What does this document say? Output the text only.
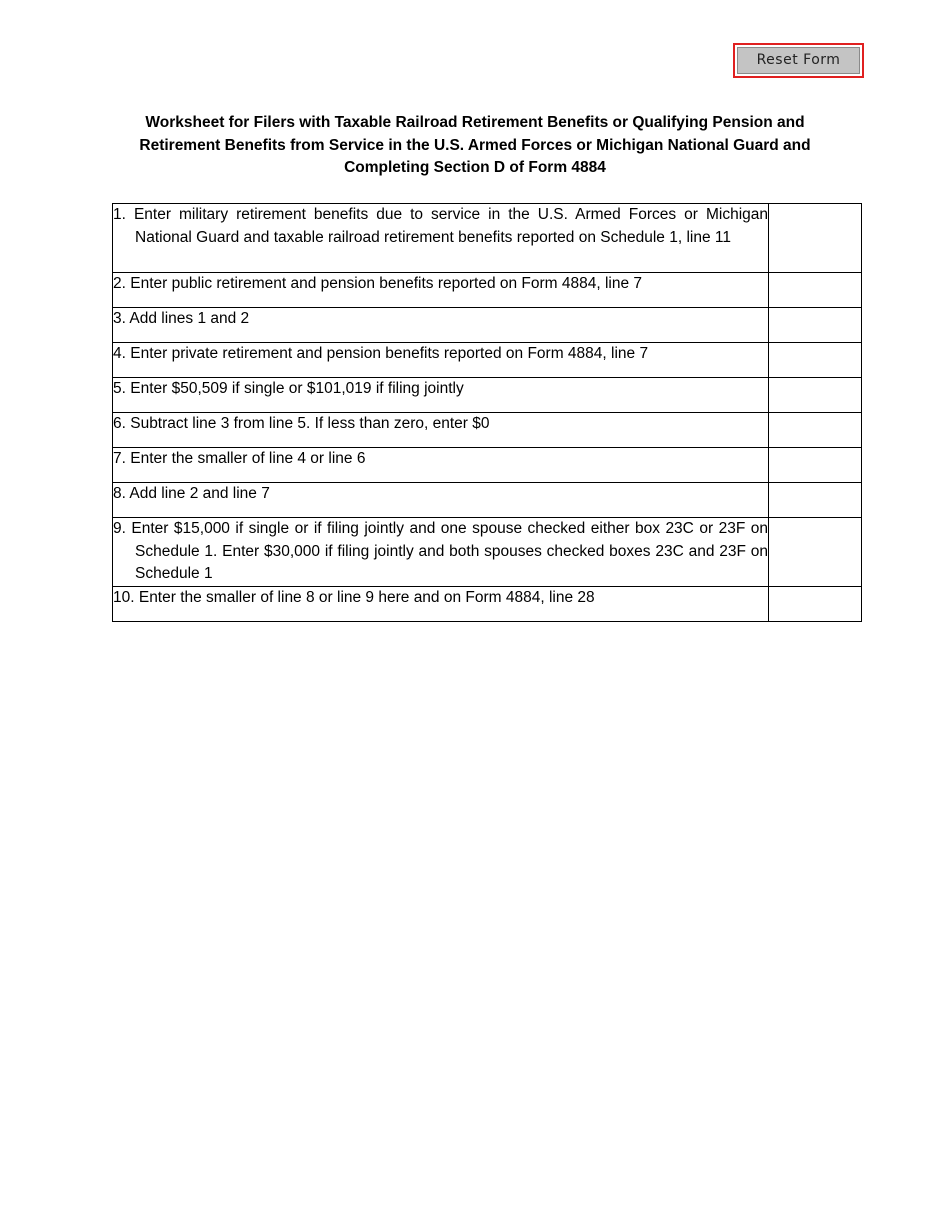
Reset Form
Worksheet for Filers with Taxable Railroad Retirement Benefits or Qualifying Pension and
Retirement Benefits from Service in the U.S. Armed Forces or Michigan National Guard and
Completing Section D of Form 4884
1. Enter military retirement benefits due to service in the U.S. Armed Forces or Michigan National Guard and taxable railroad retirement benefits reported on Schedule 1, line 11	

2. Enter public retirement and pension benefits reported on Form 4884, line 7	

3. Add lines 1 and 2	

4. Enter private retirement and pension benefits reported on Form 4884, line 7	

5. Enter $50,509 if single or $101,019 if filing jointly	

6. Subtract line 3 from line 5. If less than zero, enter $0	

7. Enter the smaller of line 4 or line 6	

8. Add line 2 and line 7	

9. Enter $15,000 if single or if filing jointly and one spouse checked either box 23C or 23F on Schedule 1. Enter $30,000 if filing jointly and both spouses checked boxes 23C and 23F on Schedule 1	

10. Enter the smaller of line 8 or line 9 here and on Form 4884, line 28	
